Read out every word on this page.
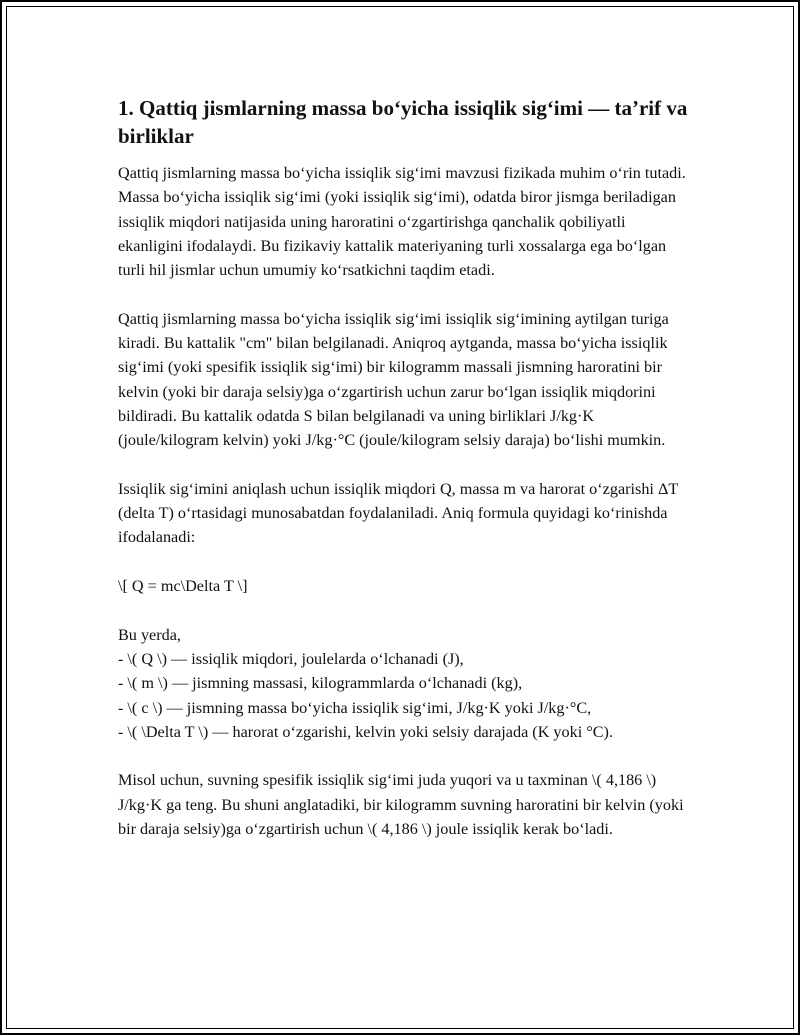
1. Qattiq jismlarning massa bo‘yicha issiqlik sig‘imi — ta’rif va birliklar

Qattiq jismlarning massa bo‘yicha issiqlik sig‘imi mavzusi fizikada muhim o‘rin tutadi. Massa bo‘yicha issiqlik sig‘imi (yoki issiqlik sig‘imi), odatda biror jismga beriladigan issiqlik miqdori natijasida uning haroratini o‘zgartirishga qanchalik qobiliyatli ekanligini ifodalaydi. Bu fizikaviy kattalik materiyaning turli xossalarga ega bo‘lgan turli hil jismlar uchun umumiy ko‘rsatkichni taqdim etadi.

Qattiq jismlarning massa bo‘yicha issiqlik sig‘imi issiqlik sig‘imining aytilgan turiga kiradi. Bu kattalik "cm" bilan belgilanadi. Aniqroq aytganda, massa bo‘yicha issiqlik sig‘imi (yoki spesifik issiqlik sig‘imi) bir kilogramm massali jismning haroratini bir kelvin (yoki bir daraja selsiy)ga o‘zgartirish uchun zarur bo‘lgan issiqlik miqdorini bildiradi. Bu kattalik odatda S bilan belgilanadi va uning birliklari J/kg·K (joule/kilogram kelvin) yoki J/kg·°C (joule/kilogram selsiy daraja) bo‘lishi mumkin.

Issiqlik sig‘imini aniqlash uchun issiqlik miqdori Q, massa m va harorat o‘zgarishi ΔT (delta T) o‘rtasidagi munosabatdan foydalaniladi. Aniq formula quyidagi ko‘rinishda ifodalanadi:

\[ Q = mc\Delta T \]

Bu yerda,
- \( Q \) — issiqlik miqdori, joulelarda o‘lchanadi (J),
- \( m \) — jismning massasi, kilogrammlarda o‘lchanadi (kg),
- \( c \) — jismning massa bo‘yicha issiqlik sig‘imi, J/kg·K yoki J/kg·°C,
- \( \Delta T \) — harorat o‘zgarishi, kelvin yoki selsiy darajada (K yoki °C).

Misol uchun, suvning spesifik issiqlik sig‘imi juda yuqori va u taxminan \( 4,186 \) J/kg·K ga teng. Bu shuni anglatadiki, bir kilogramm suvning haroratini bir kelvin (yoki bir daraja selsiy)ga o‘zgartirish uchun \( 4,186 \) joule issiqlik kerak bo‘ladi.
